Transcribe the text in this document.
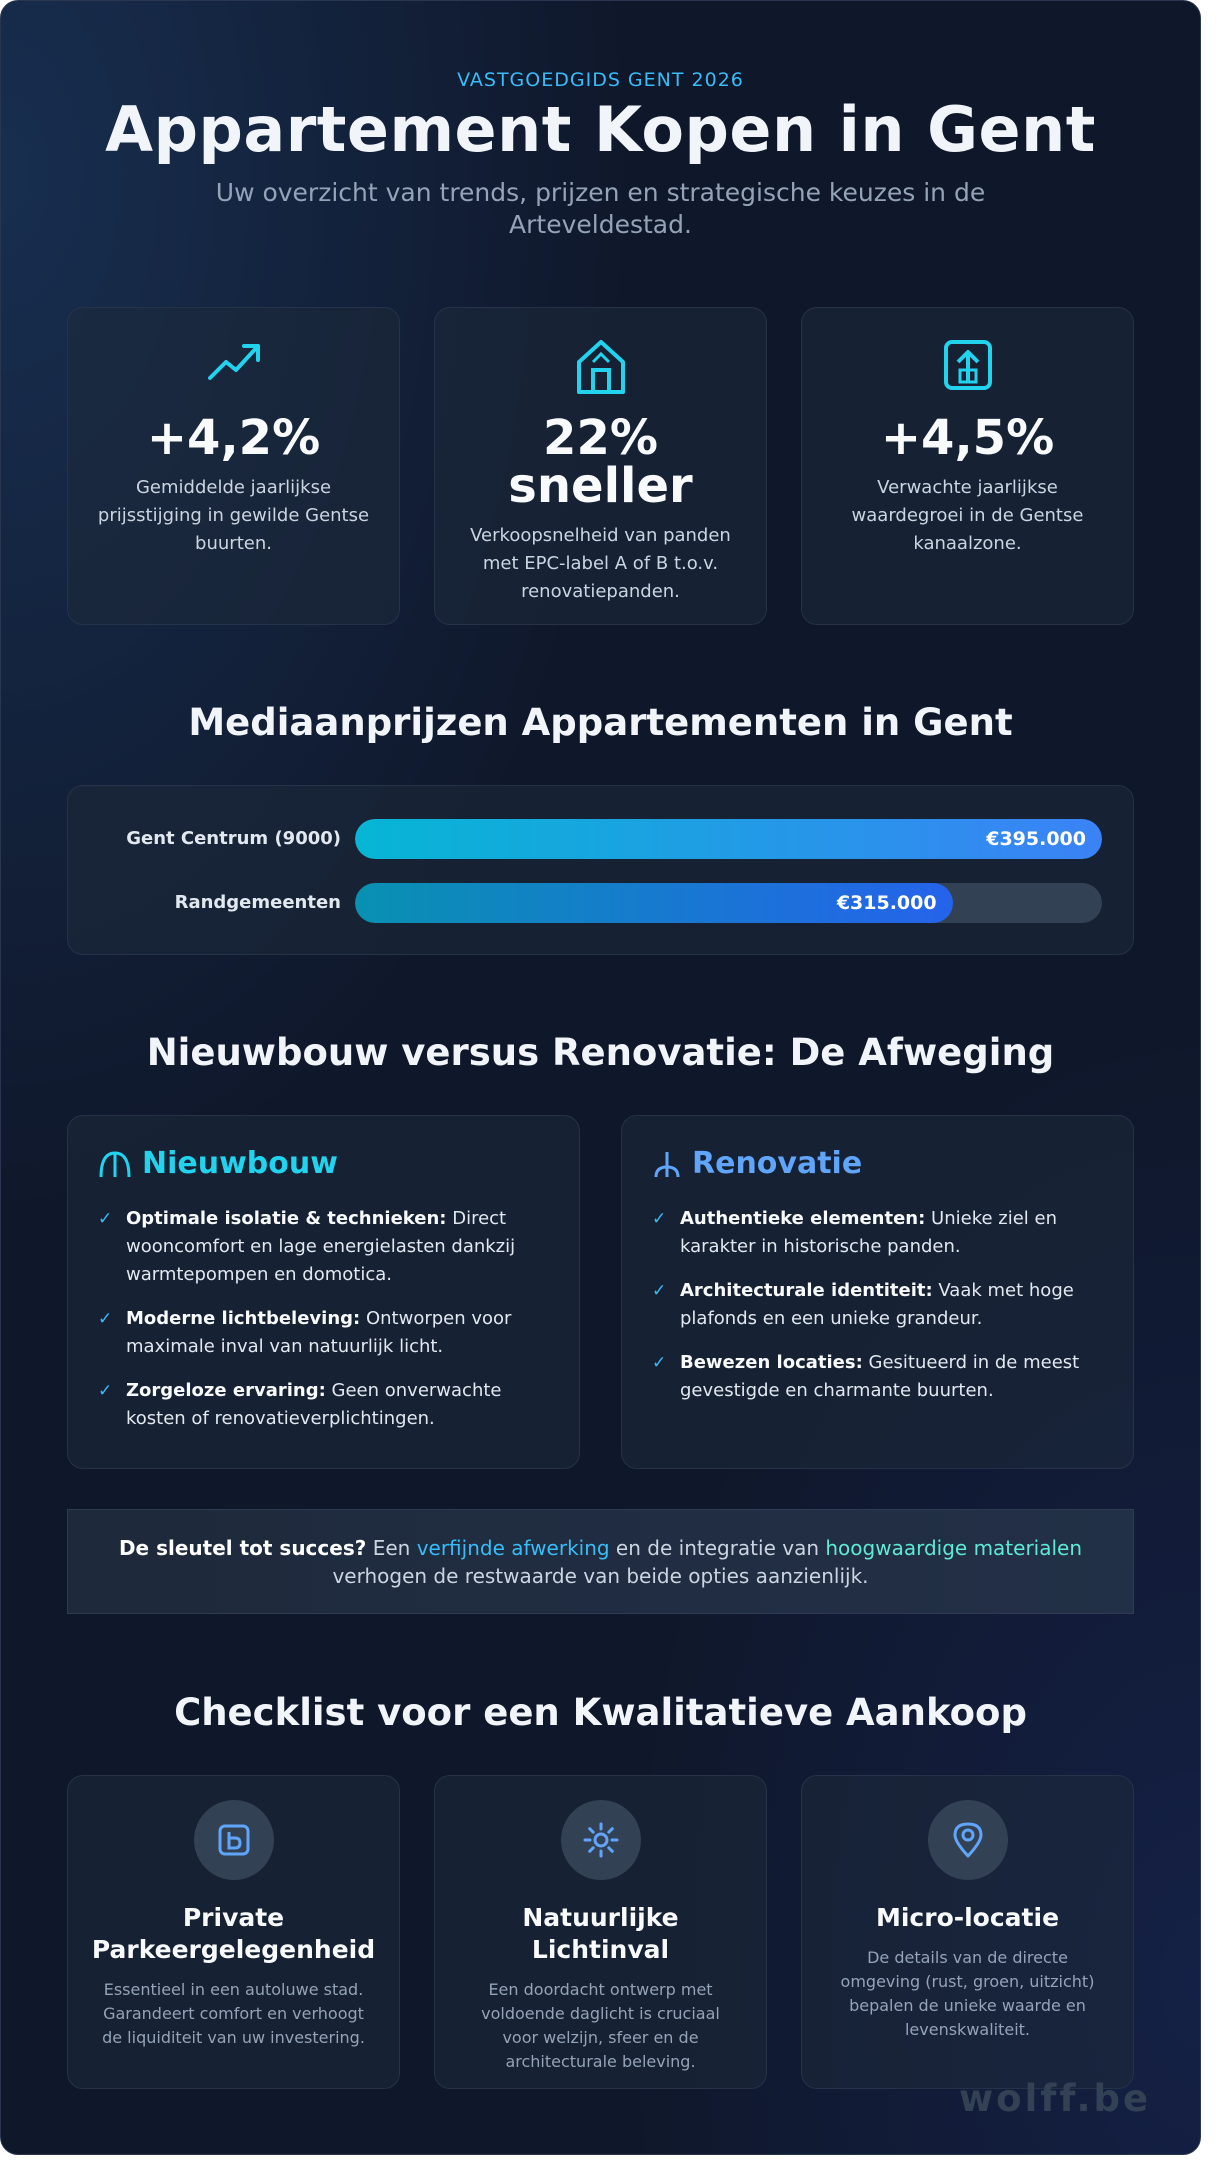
VASTGOEDGIDS GENT 2026
Appartement Kopen in Gent
Uw overzicht van trends, prijzen en strategische keuzes in de Arteveldestad.
+4,2%
Gemiddelde jaarlijkse prijsstijging in gewilde Gentse buurten.
22% sneller
Verkoopsnelheid van panden met EPC-label A of B t.o.v. renovatiepanden.
+4,5%
Verwachte jaarlijkse waardegroei in de Gentse kanaalzone.
Mediaanprijzen Appartementen in Gent
Gent Centrum (9000)	€395.000
Randgemeenten	€315.000
Nieuwbouw versus Renovatie: De Afweging
Nieuwbouw
✓ Optimale isolatie & technieken: Direct wooncomfort en lage energielasten dankzij warmtepompen en domotica.
✓ Moderne lichtbeleving: Ontworpen voor maximale inval van natuurlijk licht.
✓ Zorgeloze ervaring: Geen onverwachte kosten of renovatieverplichtingen.
Renovatie
✓ Authentieke elementen: Unieke ziel en karakter in historische panden.
✓ Architecturale identiteit: Vaak met hoge plafonds en een unieke grandeur.
✓ Bewezen locaties: Gesitueerd in de meest gevestigde en charmante buurten.
De sleutel tot succes? Een verfijnde afwerking en de integratie van hoogwaardige materialen
verhogen de restwaarde van beide opties aanzienlijk.
Checklist voor een Kwalitatieve Aankoop
Private Parkeergelegenheid
Essentieel in een autoluwe stad. Garandeert comfort en verhoogt de liquiditeit van uw investering.
Natuurlijke Lichtinval
Een doordacht ontwerp met voldoende daglicht is cruciaal voor welzijn, sfeer en de architecturale beleving.
Micro-locatie
De details van de directe omgeving (rust, groen, uitzicht) bepalen de unieke waarde en levenskwaliteit.
wolff.be
